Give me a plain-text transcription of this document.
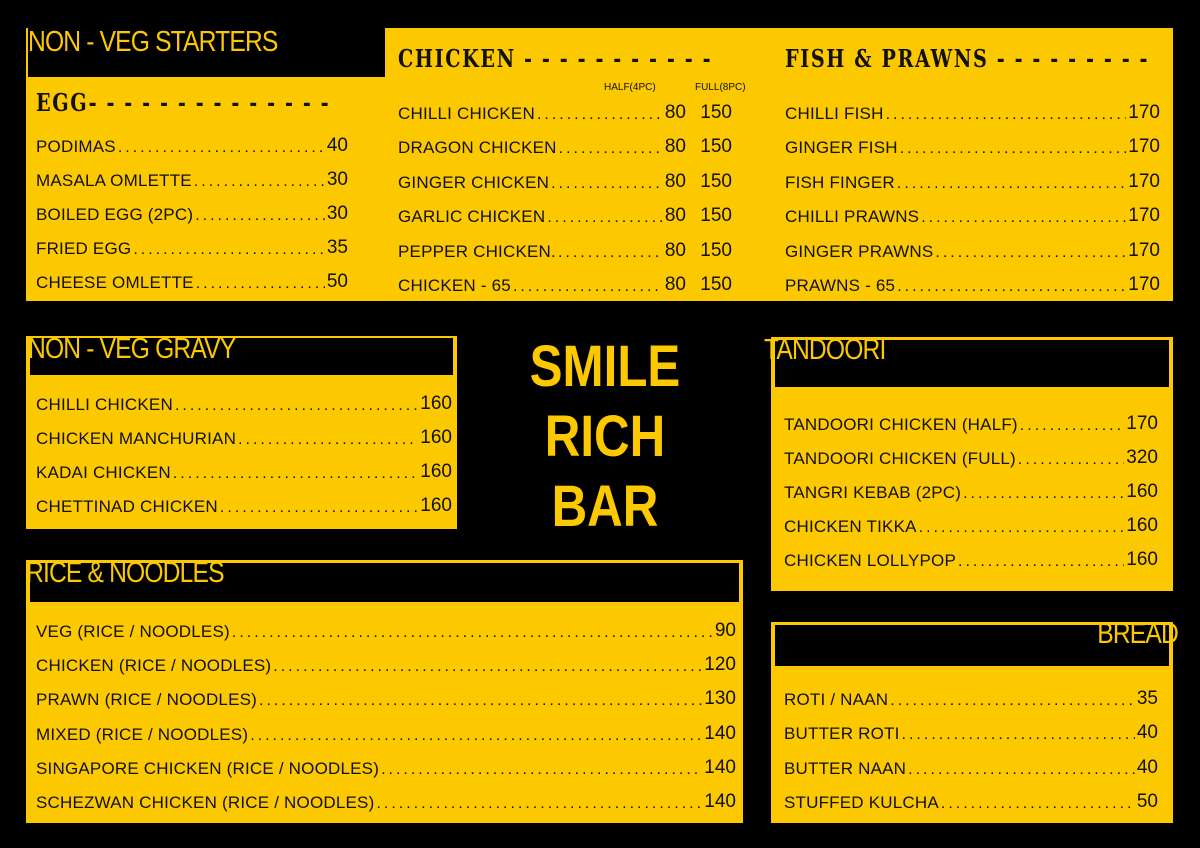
NON - VEG STARTERS
EGG- - - - - - - - - - - - - -
PODIMAS .....	40
MASALA OMLETTE .....	30
BOILED EGG (2PC) .....	30
FRIED EGG .....	35
CHEESE OMLETTE .....	50
CHICKEN - - - - - - - - - - -
HALF(4PC)	FULL(8PC)
CHILLI CHICKEN .....	80 150
DRAGON CHICKEN .....	80 150
GINGER CHICKEN .....	80 150
GARLIC CHICKEN .....	80 150
PEPPER CHICKEN. .....	80 150
CHICKEN - 65 .....	80 150
FISH & PRAWNS - - - - - - - - -
CHILLI FISH .....	170
GINGER FISH .....	170
FISH FINGER .....	170
CHILLI PRAWNS .....	170
GINGER PRAWNS .....	170
PRAWNS - 65 .....	170
NON - VEG GRAVY
CHILLI CHICKEN .....	160
CHICKEN MANCHURIAN .....	160
KADAI CHICKEN .....	160
CHETTINAD CHICKEN .....	160
SMILE
RICH
BAR
RICE & NOODLES
VEG (RICE / NOODLES) .....	90
CHICKEN (RICE / NOODLES) .....	120
PRAWN (RICE / NOODLES) .....	130
MIXED (RICE / NOODLES) .....	140
SINGAPORE CHICKEN (RICE / NOODLES) .....	140
SCHEZWAN CHICKEN (RICE / NOODLES) .....	140
TANDOORI
TANDOORI CHICKEN (HALF) .....	170
TANDOORI CHICKEN (FULL) .....	320
TANGRI KEBAB (2PC) .....	160
CHICKEN TIKKA .....	160
CHICKEN LOLLYPOP .....	160
BREAD
ROTI / NAAN .....	35
BUTTER ROTI .....	40
BUTTER NAAN .....	40
STUFFED KULCHA .....	50
